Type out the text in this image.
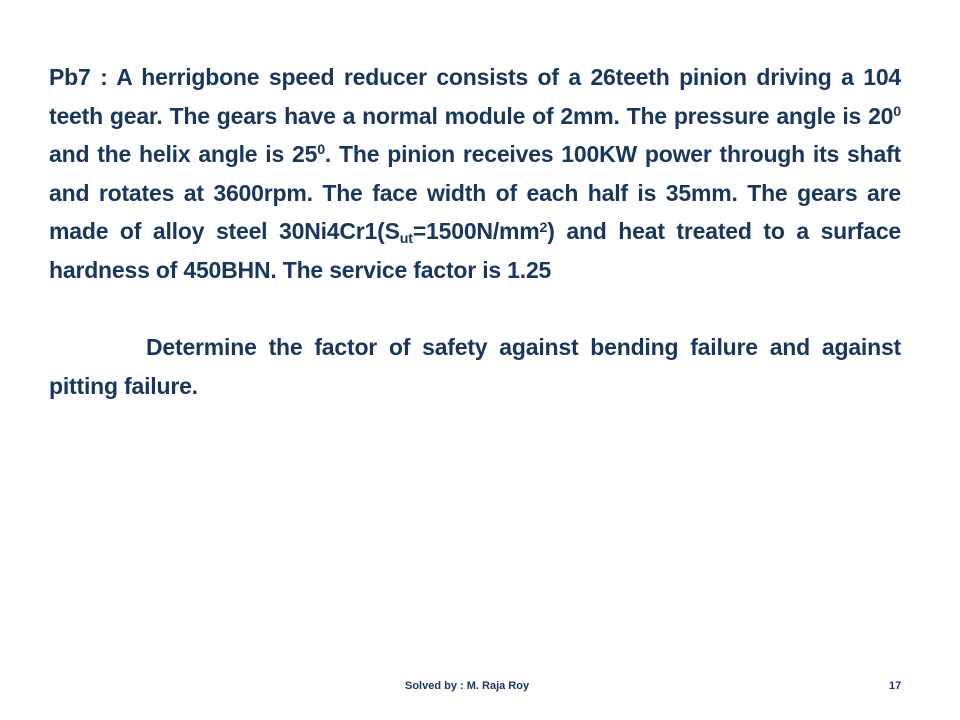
Pb7 : A herrigbone speed reducer consists of a 26teeth pinion driving a 104 teeth gear. The gears have a normal module of 2mm. The pressure angle is $20^0$ and the helix angle is $25^0$. The pinion receives 100KW power through its shaft and rotates at 3600rpm. The face width of each half is 35mm. The gears are made of alloy steel $30Ni4Cr1(S_{ut}=1500N/mm^2)$ and heat treated to a surface hardness of 450BHN. The service factor is 1.25

Determine the factor of safety against bending failure and against pitting failure.

Solved by : M. Raja Roy	17
